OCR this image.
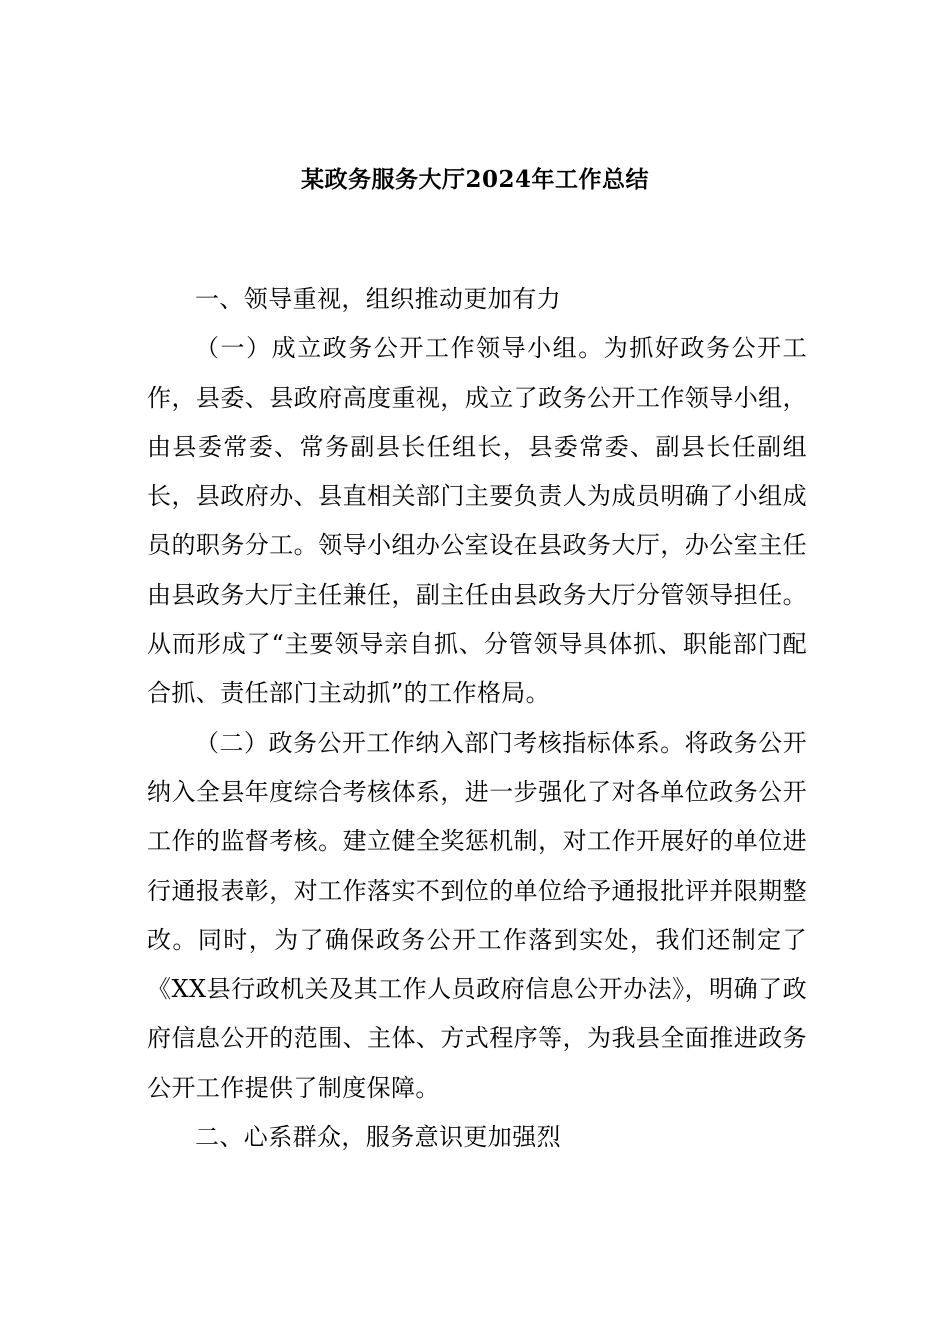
某政务服务大厅2024年工作总结

一、领导重视，组织推动更加有力

（一）成立政务公开工作领导小组。为抓好政务公开工作，县委、县政府高度重视，成立了政务公开工作领导小组，由县委常委、常务副县长任组长，县委常委、副县长任副组长，县政府办、县直相关部门主要负责人为成员明确了小组成员的职务分工。领导小组办公室设在县政务大厅，办公室主任由县政务大厅主任兼任，副主任由县政务大厅分管领导担任。从而形成了“主要领导亲自抓、分管领导具体抓、职能部门配合抓、责任部门主动抓”的工作格局。

（二）政务公开工作纳入部门考核指标体系。将政务公开纳入全县年度综合考核体系，进一步强化了对各单位政务公开工作的监督考核。建立健全奖惩机制，对工作开展好的单位进行通报表彰，对工作落实不到位的单位给予通报批评并限期整改。同时，为了确保政务公开工作落到实处，我们还制定了《XX县行政机关及其工作人员政府信息公开办法》，明确了政府信息公开的范围、主体、方式程序等，为我县全面推进政务公开工作提供了制度保障。

二、心系群众，服务意识更加强烈
